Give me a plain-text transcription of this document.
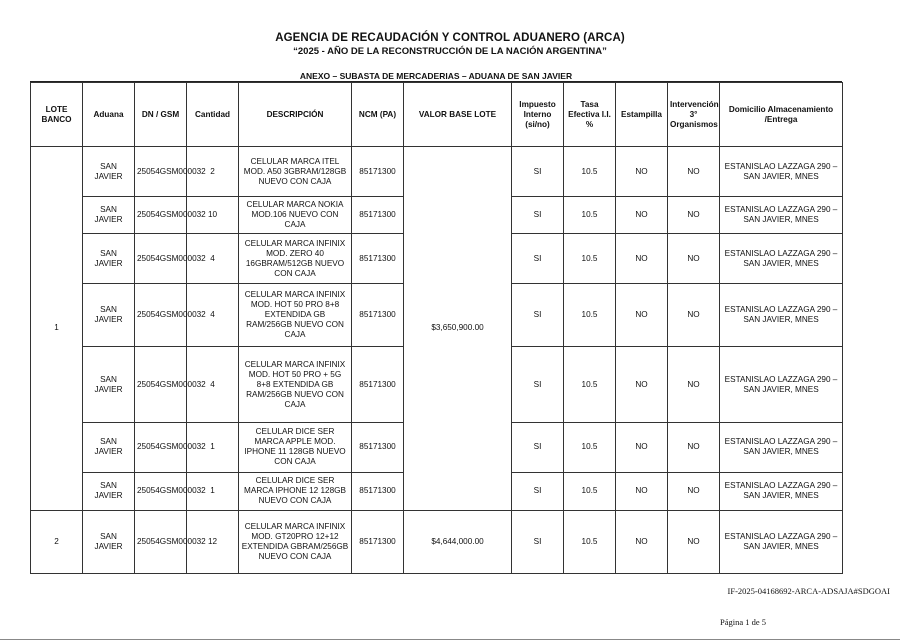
AGENCIA DE RECAUDACIÓN Y CONTROL ADUANERO (ARCA)
“2025 - AÑO DE LA RECONSTRUCCIÓN DE LA NACIÓN ARGENTINA”
ANEXO – SUBASTA DE MERCADERIAS – ADUANA DE SAN JAVIER
LOTE BANCO	Aduana	DN / GSM	Cantidad	DESCRIPCIÓN	NCM (PA)	VALOR BASE LOTE	Impuesto Interno (si/no)	Tasa Efectiva I.I. %	Estampilla	Intervención 3° Organismos	Domicilio Almacenamiento /Entrega
1	SAN JAVIER	25054GSM000032	2	CELULAR MARCA ITEL MOD. A50 3GBRAM/128GB NUEVO CON CAJA	85171300	$3,650,900.00	SI	10.5	NO	NO	ESTANISLAO LAZZAGA 290 – SAN JAVIER, MNES
	SAN JAVIER	25054GSM000032	10	CELULAR MARCA NOKIA MOD.106 NUEVO CON CAJA	85171300		SI	10.5	NO	NO	ESTANISLAO LAZZAGA 290 – SAN JAVIER, MNES
	SAN JAVIER	25054GSM000032	4	CELULAR MARCA INFINIX MOD. ZERO 40 16GBRAM/512GB NUEVO CON CAJA	85171300		SI	10.5	NO	NO	ESTANISLAO LAZZAGA 290 – SAN JAVIER, MNES
	SAN JAVIER	25054GSM000032	4	CELULAR MARCA INFINIX MOD. HOT 50 PRO 8+8 EXTENDIDA GB RAM/256GB NUEVO CON CAJA	85171300		SI	10.5	NO	NO	ESTANISLAO LAZZAGA 290 – SAN JAVIER, MNES
	SAN JAVIER	25054GSM000032	4	CELULAR MARCA INFINIX MOD. HOT 50 PRO + 5G 8+8 EXTENDIDA GB RAM/256GB NUEVO CON CAJA	85171300		SI	10.5	NO	NO	ESTANISLAO LAZZAGA 290 – SAN JAVIER, MNES
	SAN JAVIER	25054GSM000032	1	CELULAR DICE SER MARCA APPLE MOD. IPHONE 11 128GB NUEVO CON CAJA	85171300		SI	10.5	NO	NO	ESTANISLAO LAZZAGA 290 – SAN JAVIER, MNES
	SAN JAVIER	25054GSM000032	1	CELULAR DICE SER MARCA IPHONE 12 128GB NUEVO CON CAJA	85171300		SI	10.5	NO	NO	ESTANISLAO LAZZAGA 290 – SAN JAVIER, MNES
2	SAN JAVIER	25054GSM000032	12	CELULAR MARCA INFINIX MOD. GT20PRO 12+12 EXTENDIDA GBRAM/256GB NUEVO CON CAJA	85171300	$4,644,000.00	SI	10.5	NO	NO	ESTANISLAO LAZZAGA 290 – SAN JAVIER, MNES
IF-2025-04168692-ARCA-ADSAJA#SDGOAI
Página 1 de 5
